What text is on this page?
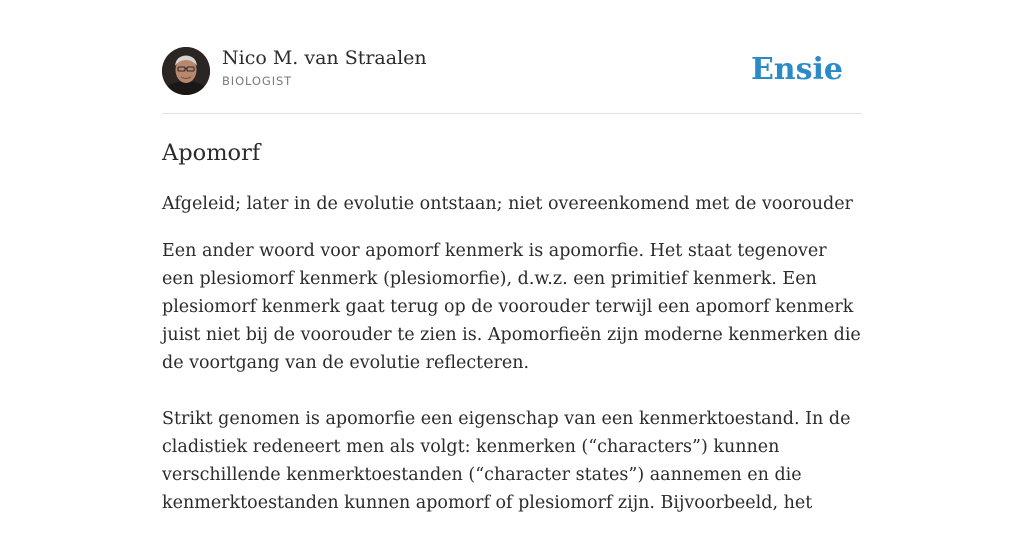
Nico M. van Straalen
BIOLOGIST	Ensie
Apomorf

Afgeleid; later in de evolutie ontstaan; niet overeenkomend met de voorouder

Een ander woord voor apomorf kenmerk is apomorfie. Het staat tegenover een plesiomorf kenmerk (plesiomorfie), d.w.z. een primitief kenmerk. Een plesiomorf kenmerk gaat terug op de voorouder terwijl een apomorf kenmerk juist niet bij de voorouder te zien is. Apomorfieën zijn moderne kenmerken die de voortgang van de evolutie reflecteren.

Strikt genomen is apomorfie een eigenschap van een kenmerktoestand. In de cladistiek redeneert men als volgt: kenmerken (“characters”) kunnen verschillende kenmerktoestanden (“character states”) aannemen en die kenmerktoestanden kunnen apomorf of plesiomorf zijn. Bijvoorbeeld, het
